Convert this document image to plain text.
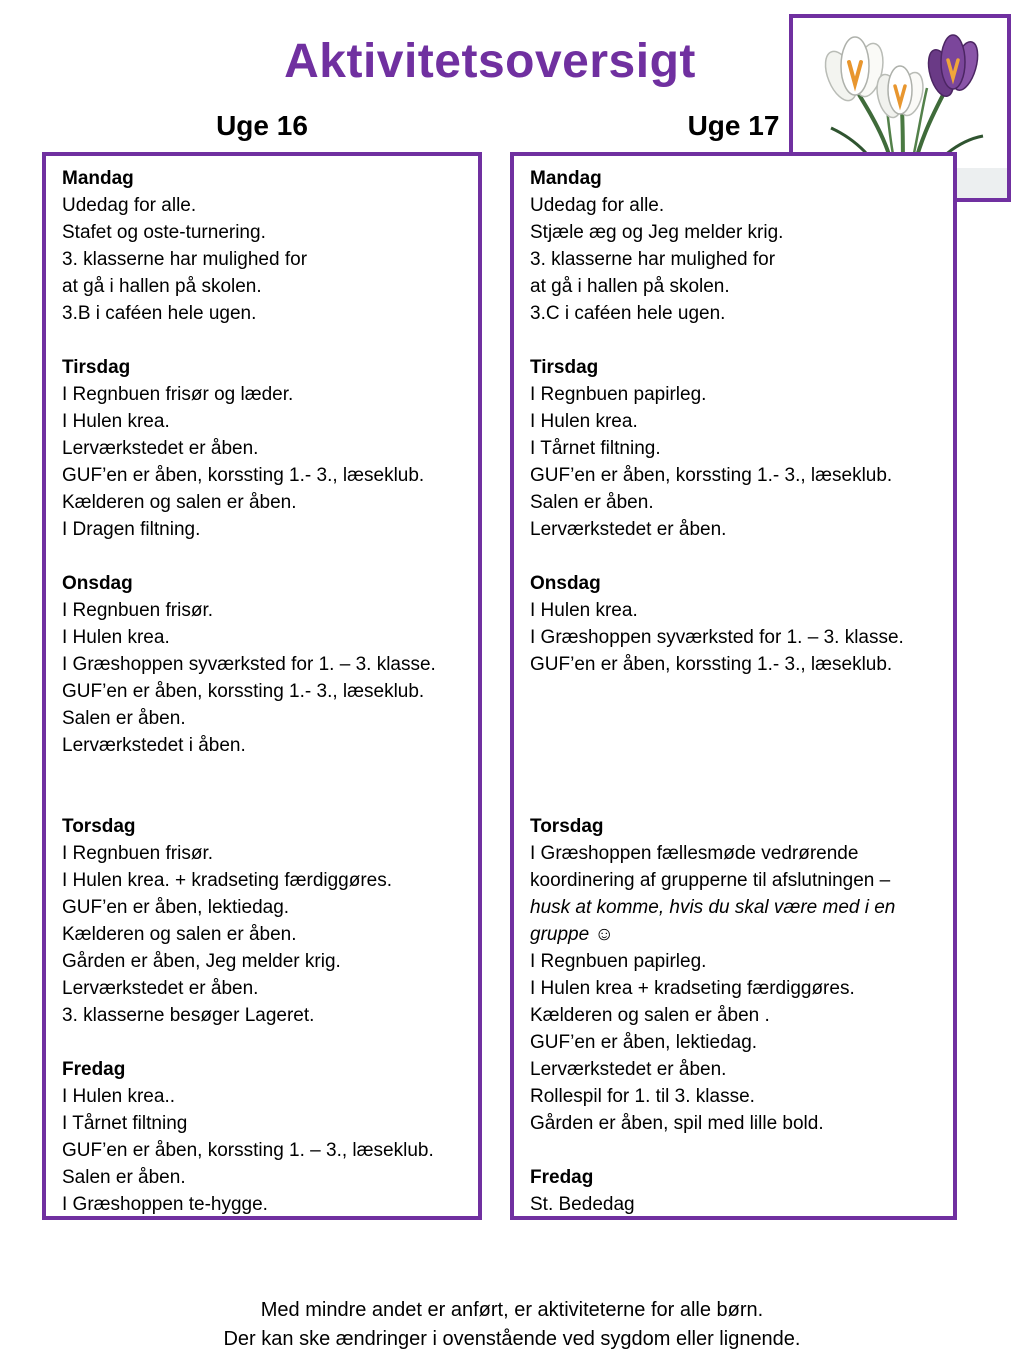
Aktivitetsoversigt
Uge 16	Uge 17
Mandag
Udedag for alle.
Stafet og oste-turnering.
3. klasserne har mulighed for
at gå i hallen på skolen.
3.B i caféen hele ugen.

Tirsdag
I Regnbuen frisør og læder.
I Hulen krea.
Lerværkstedet er åben.
GUF’en er åben, korssting 1.- 3., læseklub.
Kælderen og salen er åben.
I Dragen filtning.

Onsdag
I Regnbuen frisør.
I Hulen krea.
I Græshoppen syværksted for 1. – 3. klasse.
GUF’en er åben, korssting 1.- 3., læseklub.
Salen er åben.
Lerværkstedet i åben.

Torsdag
I Regnbuen frisør.
I Hulen krea. + kradseting færdiggøres.
GUF’en er åben, lektiedag.
Kælderen og salen er åben.
Gården er åben, Jeg melder krig.
Lerværkstedet er åben.
3. klasserne besøger Lageret.

Fredag
I Hulen krea..
I Tårnet filtning
GUF’en er åben, korssting 1. – 3., læseklub.
Salen er åben.
I Græshoppen te-hygge.
Mandag
Udedag for alle.
Stjæle æg og Jeg melder krig.
3. klasserne har mulighed for
at gå i hallen på skolen.
3.C i caféen hele ugen.

Tirsdag
I Regnbuen papirleg.
I Hulen krea.
I Tårnet filtning.
GUF’en er åben, korssting 1.- 3., læseklub.
Salen er åben.
Lerværkstedet er åben.

Onsdag
I Hulen krea.
I Græshoppen syværksted for 1. – 3. klasse.
GUF’en er åben, korssting 1.- 3., læseklub.

Torsdag
I Græshoppen fællesmøde vedrørende
koordinering af grupperne til afslutningen –
husk at komme, hvis du skal være med i en
gruppe ☺
I Regnbuen papirleg.
I Hulen krea + kradseting færdiggøres.
Kælderen og salen er åben .
GUF’en er åben, lektiedag.
Lerværkstedet er åben.
Rollespil for 1. til 3. klasse.
Gården er åben, spil med lille bold.

Fredag
St. Bededag
Med mindre andet er anført, er aktiviteterne for alle børn.
Der kan ske ændringer i ovenstående ved sygdom eller lignende.
